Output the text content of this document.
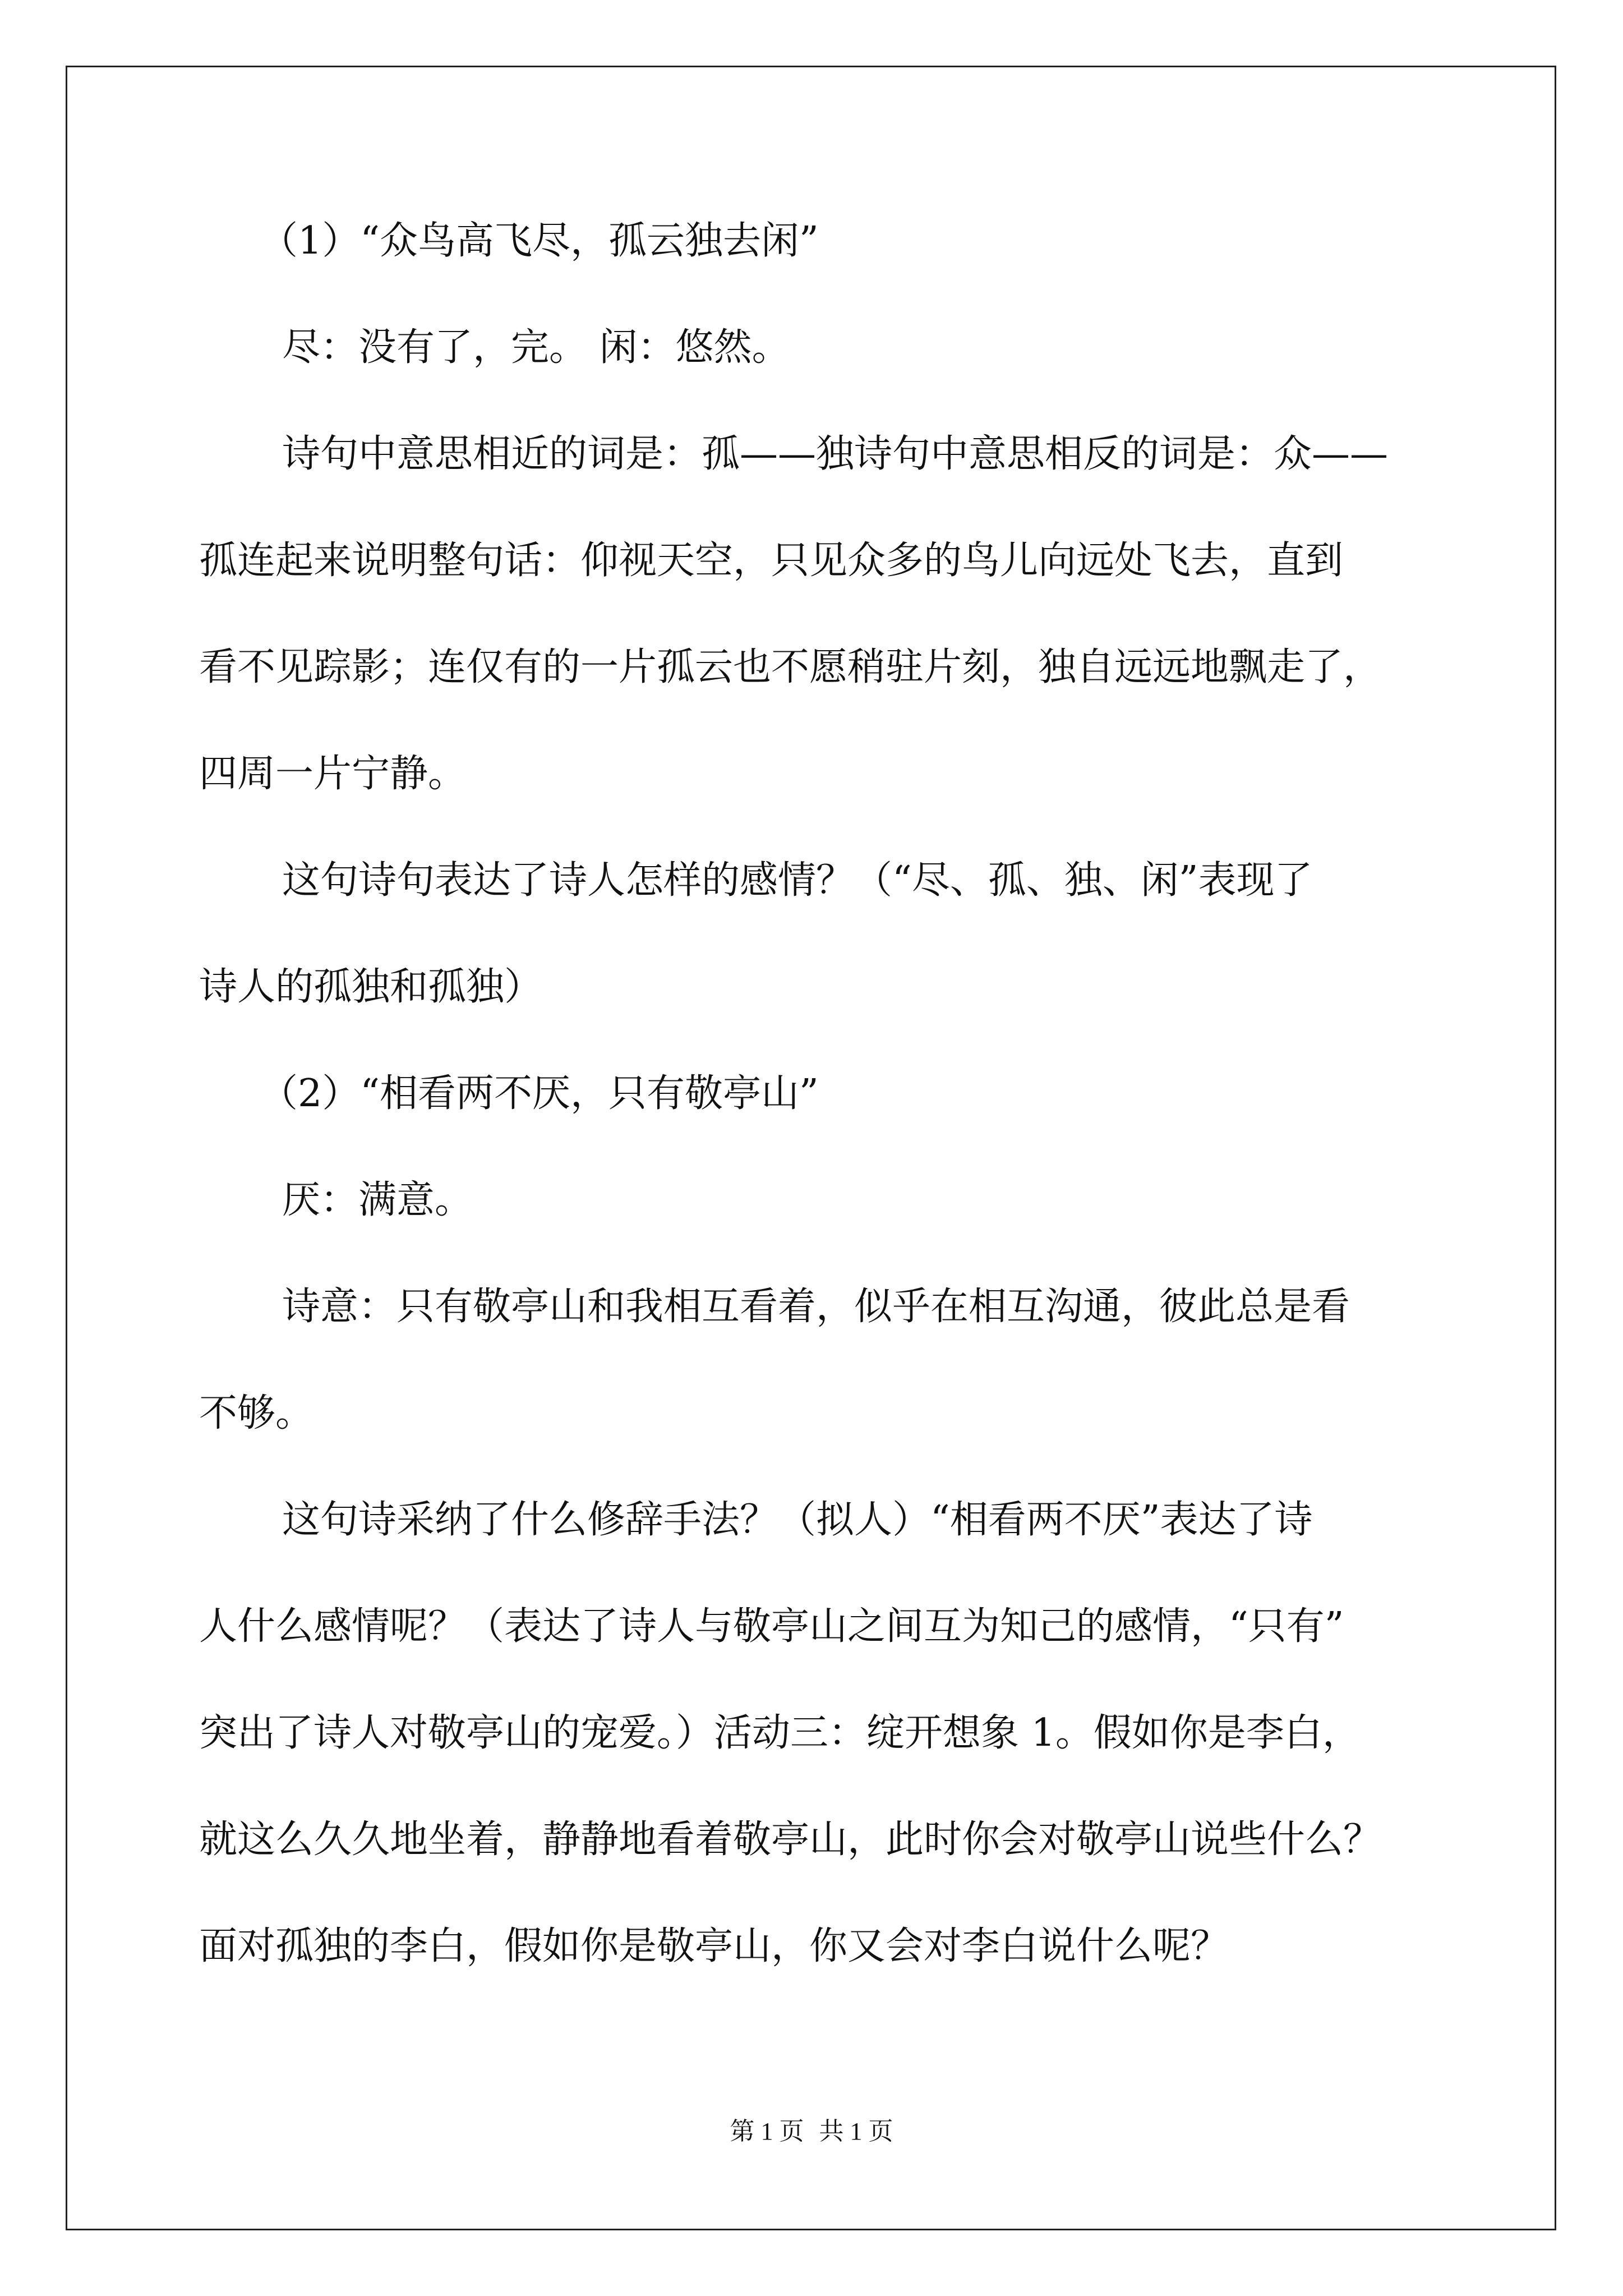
（1）“众鸟高飞尽，孤云独去闲”
尽：没有了，完。 闲：悠然。
诗句中意思相近的词是：孤——独诗句中意思相反的词是：众——
孤连起来说明整句话：仰视天空，只见众多的鸟儿向远处飞去，直到
看不见踪影；连仅有的一片孤云也不愿稍驻片刻，独自远远地飘走了，
四周一片宁静。
这句诗句表达了诗人怎样的感情？（“尽、孤、独、闲”表现了
诗人的孤独和孤独）
（2）“相看两不厌，只有敬亭山”
厌：满意。
诗意：只有敬亭山和我相互看着，似乎在相互沟通，彼此总是看
不够。
这句诗采纳了什么修辞手法？（拟人）“相看两不厌”表达了诗
人什么感情呢？（表达了诗人与敬亭山之间互为知己的感情，“只有”
突出了诗人对敬亭山的宠爱。）活动三：绽开想象 1。假如你是李白，
就这么久久地坐着，静静地看着敬亭山，此时你会对敬亭山说些什么？
面对孤独的李白，假如你是敬亭山，你又会对李白说什么呢？
第 1 页 共 1 页
